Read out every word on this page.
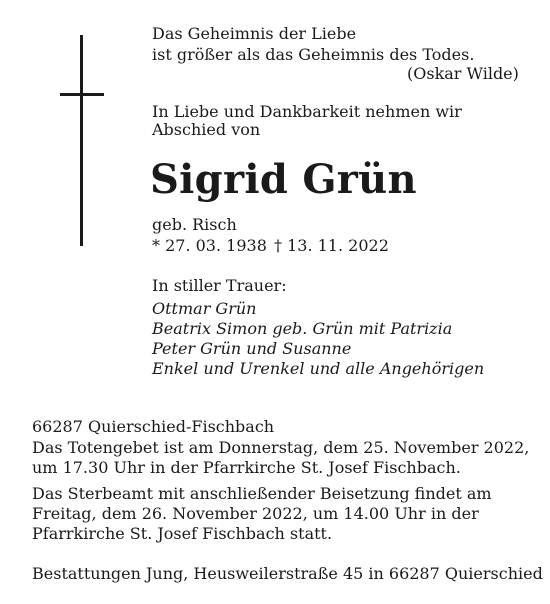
Das Geheimnis der Liebe
ist größer als das Geheimnis des Todes.
(Oskar Wilde)
In Liebe und Dankbarkeit nehmen wir
Abschied von
Sigrid Grün
geb. Risch
* 27. 03. 1938 † 13. 11. 2022
In stiller Trauer:
Ottmar Grün
Beatrix Simon geb. Grün mit Patrizia
Peter Grün und Susanne
Enkel und Urenkel und alle Angehörigen
66287 Quierschied-Fischbach
Das Totengebet ist am Donnerstag, dem 25. November 2022,
um 17.30 Uhr in der Pfarrkirche St. Josef Fischbach.
Das Sterbeamt mit anschließender Beisetzung findet am
Freitag, dem 26. November 2022, um 14.00 Uhr in der
Pfarrkirche St. Josef Fischbach statt.
Bestattungen Jung, Heusweilerstraße 45 in 66287 Quierschied
